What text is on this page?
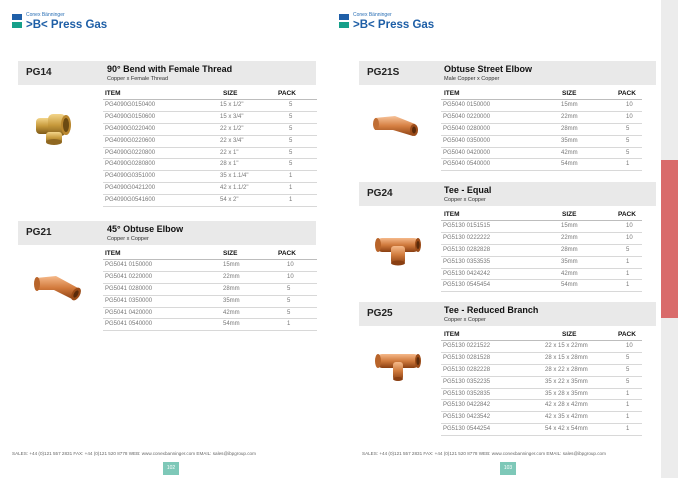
Conex Bänninger
>B< Press Gas
PG14	90° Bend with Female Thread
Copper x Female Thread
ITEM	SIZE	PACK
PG4090G0150400	15 x 1/2"	5
PG4090G0150600	15 x 3/4"	5
PG4090G0220400	22 x 1/2"	5
PG4090G0220600	22 x 3/4"	5
PG4090G0220800	22 x 1"	5
PG4090G0280800	28 x 1"	5
PG4090G0351000	35 x 1.1/4"	1
PG4090G0421200	42 x 1.1/2"	1
PG4090G0541600	54 x 2"	1
PG21	45° Obtuse Elbow
Copper x Copper
ITEM	SIZE	PACK
PG5041 0150000	15mm	10
PG5041 0220000	22mm	10
PG5041 0280000	28mm	5
PG5041 0350000	35mm	5
PG5041 0420000	42mm	5
PG5041 0540000	54mm	1
SALES: +44 (0)121 557 2831 FAX: +44 (0)121 520 8778 WEB: www.conexbanninger.com EMAIL: sales@ibpgroup.com
102
Conex Bänninger
>B< Press Gas
PG21S	Obtuse Street Elbow
Male Copper x Copper
ITEM	SIZE	PACK
PG5040 0150000	15mm	10
PG5040 0220000	22mm	10
PG5040 0280000	28mm	5
PG5040 0350000	35mm	5
PG5040 0420000	42mm	5
PG5040 0540000	54mm	1
PG24	Tee - Equal
Copper x Copper
ITEM	SIZE	PACK
PG5130 0151515	15mm	10
PG5130 0222222	22mm	10
PG5130 0282828	28mm	5
PG5130 0353535	35mm	1
PG5130 0424242	42mm	1
PG5130 0545454	54mm	1
PG25	Tee - Reduced Branch
Copper x Copper
ITEM	SIZE	PACK
PG5130 0221522	22 x 15 x 22mm	10
PG5130 0281528	28 x 15 x 28mm	5
PG5130 0282228	28 x 22 x 28mm	5
PG5130 0352235	35 x 22 x 35mm	5
PG5130 0352835	35 x 28 x 35mm	1
PG5130 0422842	42 x 28 x 42mm	1
PG5130 0423542	42 x 35 x 42mm	1
PG5130 0544254	54 x 42 x 54mm	1
SALES: +44 (0)121 557 2831 FAX: +44 (0)121 520 8778 WEB: www.conexbanninger.com EMAIL: sales@ibpgroup.com
103
